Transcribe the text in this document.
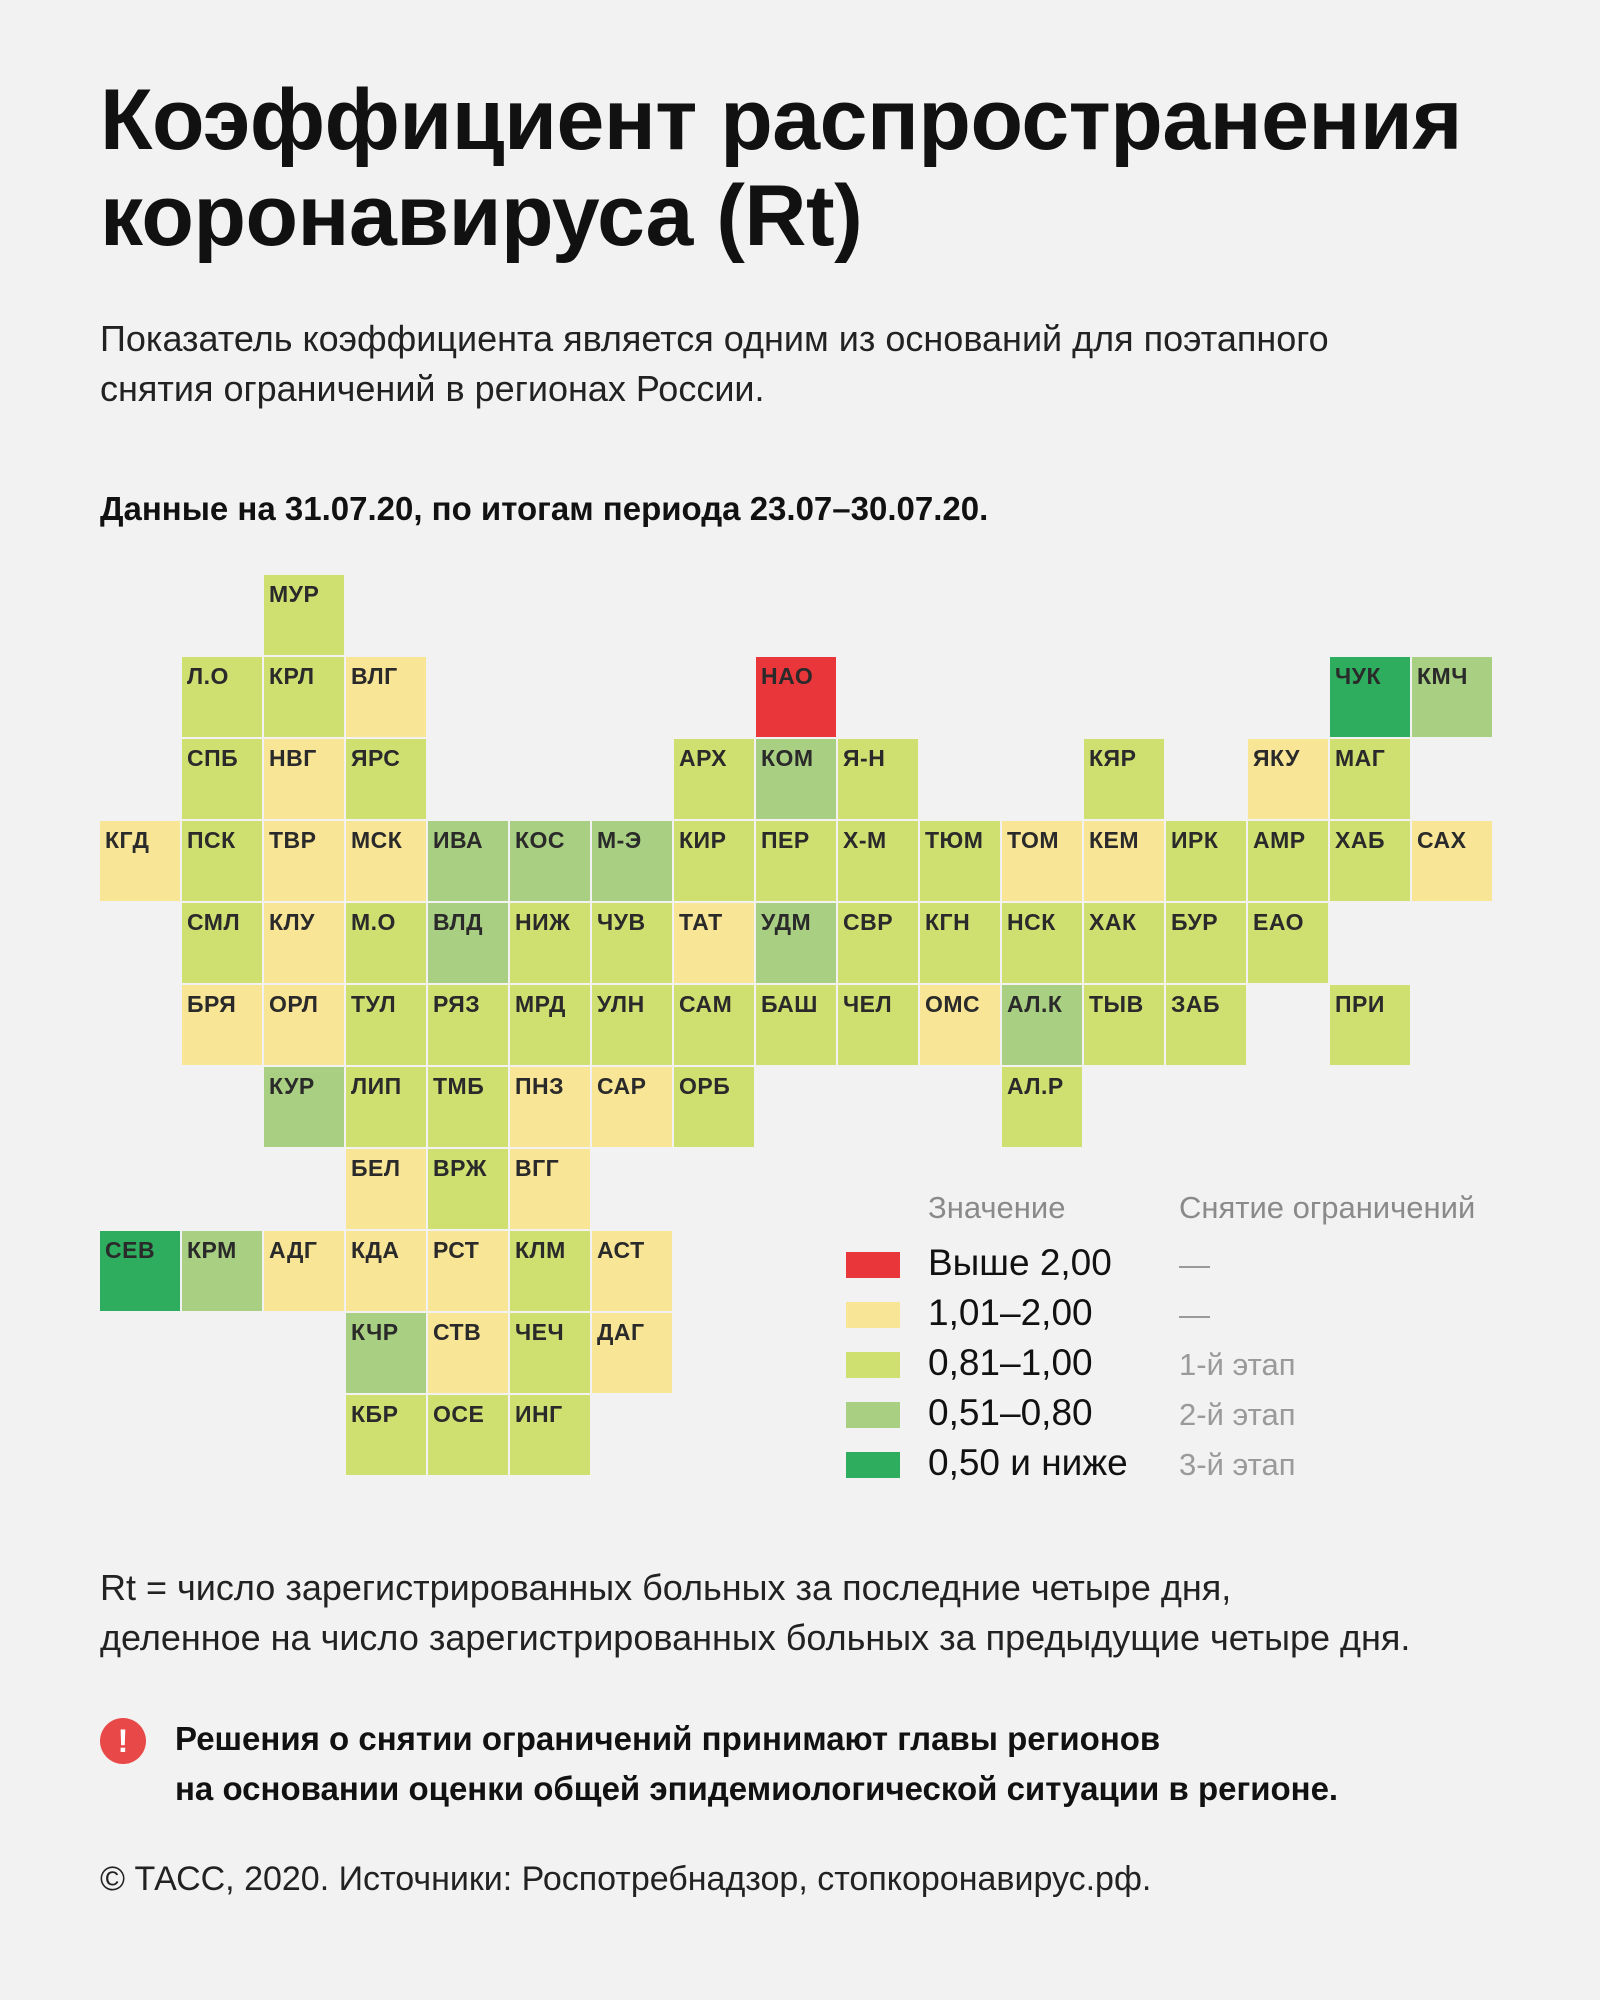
Коэффициент распространения
коронавируса (Rt)
Показатель коэффициента является одним из оснований для поэтапного
снятия ограничений в регионах России.
Данные на 31.07.20, по итогам периода 23.07–30.07.20.
МУР
Л.О КРЛ ВЛГ	НАО	ЧУК КМЧ
СПБ НВГ ЯРС	АРХ КОМ Я-Н	КЯР	ЯКУ МАГ
КГД ПСК ТВР МСК ИВА КОС М-Э КИР ПЕР Х-М ТЮМ ТОМ КЕМ ИРК АМР ХАБ САХ
СМЛ КЛУ М.О ВЛД НИЖ ЧУВ ТАТ УДМ СВР КГН НСК ХАК БУР ЕАО
БРЯ ОРЛ ТУЛ РЯЗ МРД УЛН САМ БАШ ЧЕЛ ОМС АЛ.К ТЫВ ЗАБ	ПРИ
КУР ЛИП ТМБ ПНЗ САР ОРБ	АЛ.Р
БЕЛ ВРЖ ВГГ
СЕВ КРМ АДГ КДА РСТ КЛМ АСТ
КЧР СТВ ЧЕЧ ДАГ
КБР ОСЕ ИНГ
Значение	Снятие ограничений
Выше 2,00 —
1,01–2,00	—
0,81–1,00	1-й этап
0,51–0,80	2-й этап
0,50 и ниже 3-й этап
Rt = число зарегистрированных больных за последние четыре дня,
деленное на число зарегистрированных больных за предыдущие четыре дня.
!	Решения о снятии ограничений принимают главы регионов
на основании оценки общей эпидемиологической ситуации в регионе.
© ТАСС, 2020. Источники: Роспотребнадзор, стопкоронавирус.рф.
